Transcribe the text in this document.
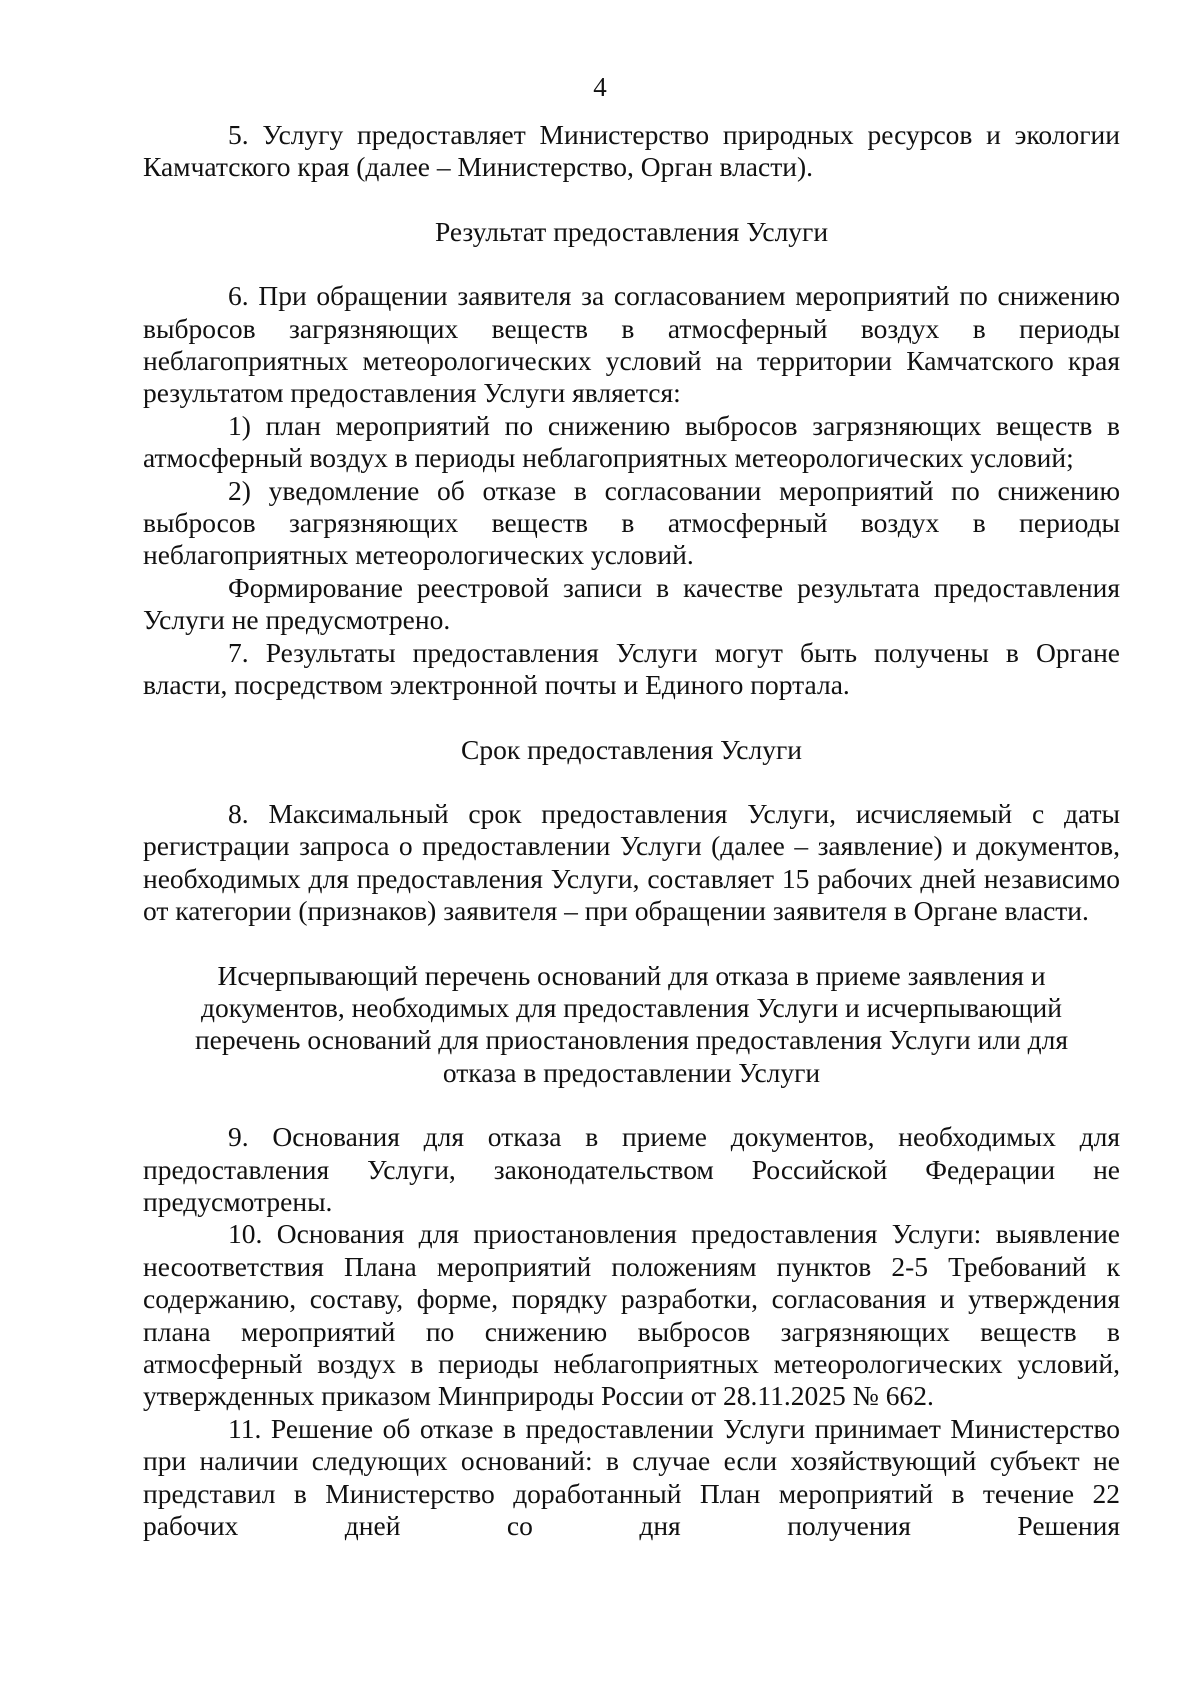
4

5. Услугу предоставляет Министерство природных ресурсов и экологии Камчатского края (далее – Министерство, Орган власти).

Результат предоставления Услуги

6. При обращении заявителя за согласованием мероприятий по снижению выбросов загрязняющих веществ в атмосферный воздух в периоды неблагоприятных метеорологических условий на территории Камчатского края результатом предоставления Услуги является:

1) план мероприятий по снижению выбросов загрязняющих веществ в атмосферный воздух в периоды неблагоприятных метеорологических условий;

2) уведомление об отказе в согласовании мероприятий по снижению выбросов загрязняющих веществ в атмосферный воздух в периоды неблагоприятных метеорологических условий.

Формирование реестровой записи в качестве результата предоставления Услуги не предусмотрено.

7. Результаты предоставления Услуги могут быть получены в Органе власти, посредством электронной почты и Единого портала.

Срок предоставления Услуги

8. Максимальный срок предоставления Услуги, исчисляемый с даты регистрации запроса о предоставлении Услуги (далее – заявление) и документов, необходимых для предоставления Услуги, составляет 15 рабочих дней независимо от категории (признаков) заявителя – при обращении заявителя в Органе власти.

Исчерпывающий перечень оснований для отказа в приеме заявления и документов, необходимых для предоставления Услуги и исчерпывающий перечень оснований для приостановления предоставления Услуги или для отказа в предоставлении Услуги

9. Основания для отказа в приеме документов, необходимых для предоставления Услуги, законодательством Российской Федерации не предусмотрены.

10. Основания для приостановления предоставления Услуги: выявление несоответствия Плана мероприятий положениям пунктов 2-5 Требований к содержанию, составу, форме, порядку разработки, согласования и утверждения плана мероприятий по снижению выбросов загрязняющих веществ в атмосферный воздух в периоды неблагоприятных метеорологических условий, утвержденных приказом Минприроды России от 28.11.2025 № 662.

11. Решение об отказе в предоставлении Услуги принимает Министерство при наличии следующих оснований: в случае если хозяйствующий субъект не представил в Министерство доработанный План мероприятий в течение 22 рабочих дней со дня получения Решения
